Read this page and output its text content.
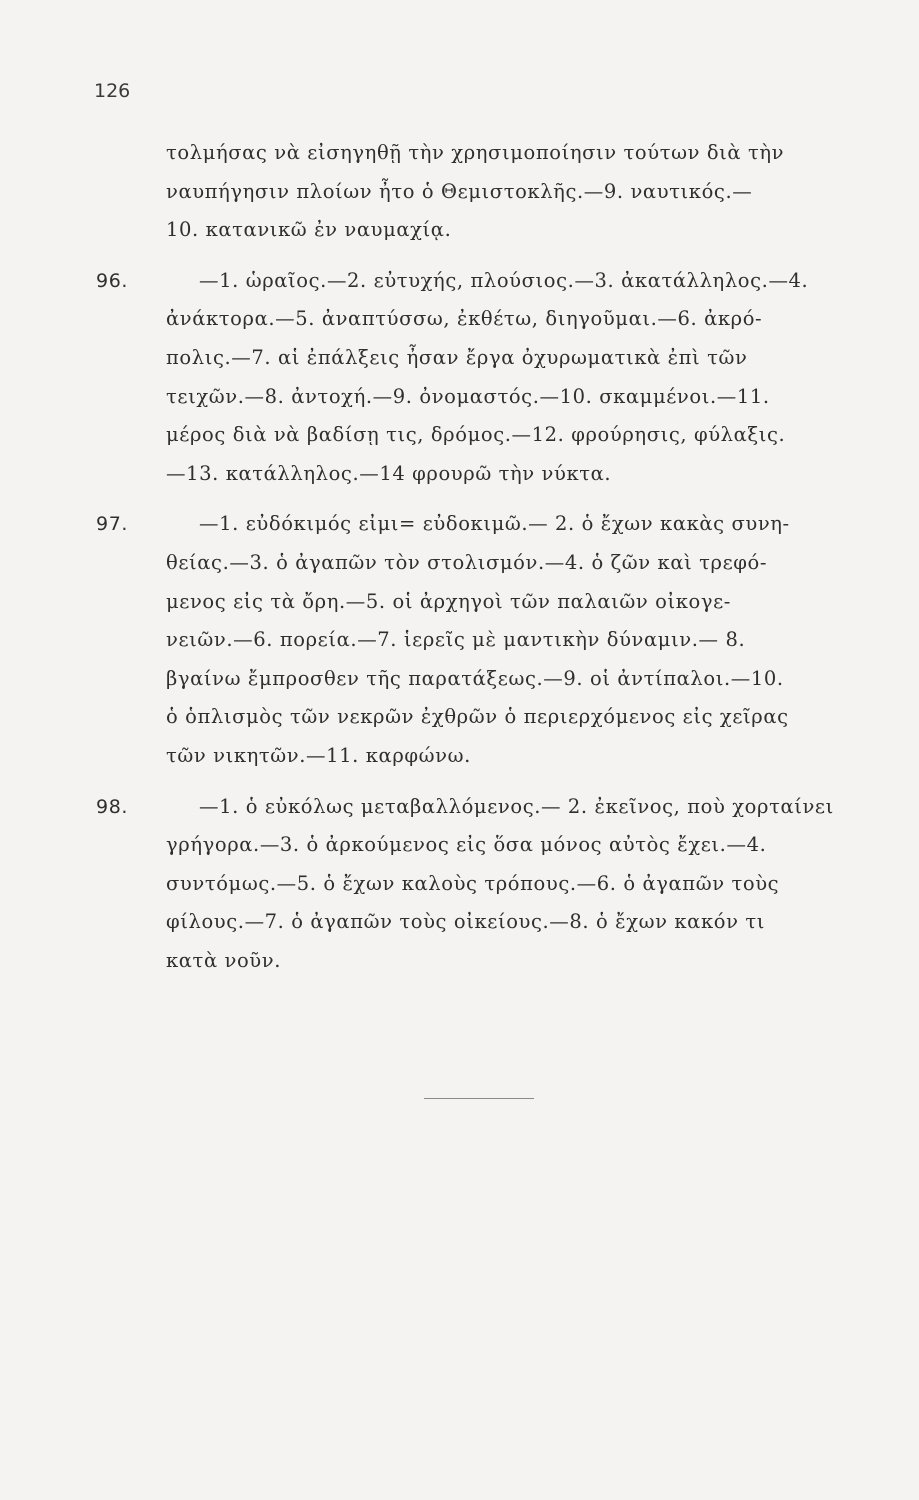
126
τολμήσας νὰ εἰσηγηθῇ τὴν χρησιμοποίησιν τούτων διὰ τὴν
ναυπήγησιν πλοίων ἦτο ὁ Θεμιστοκλῆς.—9. ναυτικός.—
10. κατανικῶ ἐν ναυμαχίᾳ.
96.	—1. ὡραῖος.—2. εὐτυχής, πλούσιος.—3. ἀκατάλληλος.—4.
ἀνάκτορα.—5. ἀναπτύσσω, ἐκθέτω, διηγοῦμαι.—6. ἀκρό-
πολις.—7. αἱ ἐπάλξεις ἦσαν ἔργα ὀχυρωματικὰ ἐπὶ τῶν
τειχῶν.—8. ἀντοχή.—9. ὀνομαστός.—10. σκαμμένοι.—11.
μέρος διὰ νὰ βαδίσῃ τις, δρόμος.—12. φρούρησις, φύλαξις.
—13. κατάλληλος.—14 φρουρῶ τὴν νύκτα.
97.	—1. εὐδόκιμός εἰμι= εὐδοκιμῶ.— 2. ὁ ἔχων κακὰς συνη-
θείας.—3. ὁ ἀγαπῶν τὸν στολισμόν.—4. ὁ ζῶν καὶ τρεφό-
μενος εἰς τὰ ὄρη.—5. οἱ ἀρχηγοὶ τῶν παλαιῶν οἰκογε-
νειῶν.—6. πορεία.—7. ἱερεῖς μὲ μαντικὴν δύναμιν.— 8.
βγαίνω ἔμπροσθεν τῆς παρατάξεως.—9. οἱ ἀντίπαλοι.—10.
ὁ ὁπλισμὸς τῶν νεκρῶν ἐχθρῶν ὁ περιερχόμενος εἰς χεῖρας
τῶν νικητῶν.—11. καρφώνω.
98.	—1. ὁ εὐκόλως μεταβαλλόμενος.— 2. ἐκεῖνος, ποὺ χορταίνει
γρήγορα.—3. ὁ ἀρκούμενος εἰς ὅσα μόνος αὐτὸς ἔχει.—4.
συντόμως.—5. ὁ ἔχων καλοὺς τρόπους.—6. ὁ ἀγαπῶν τοὺς
φίλους.—7. ὁ ἀγαπῶν τοὺς οἰκείους.—8. ὁ ἔχων κακόν τι
κατὰ νοῦν.
